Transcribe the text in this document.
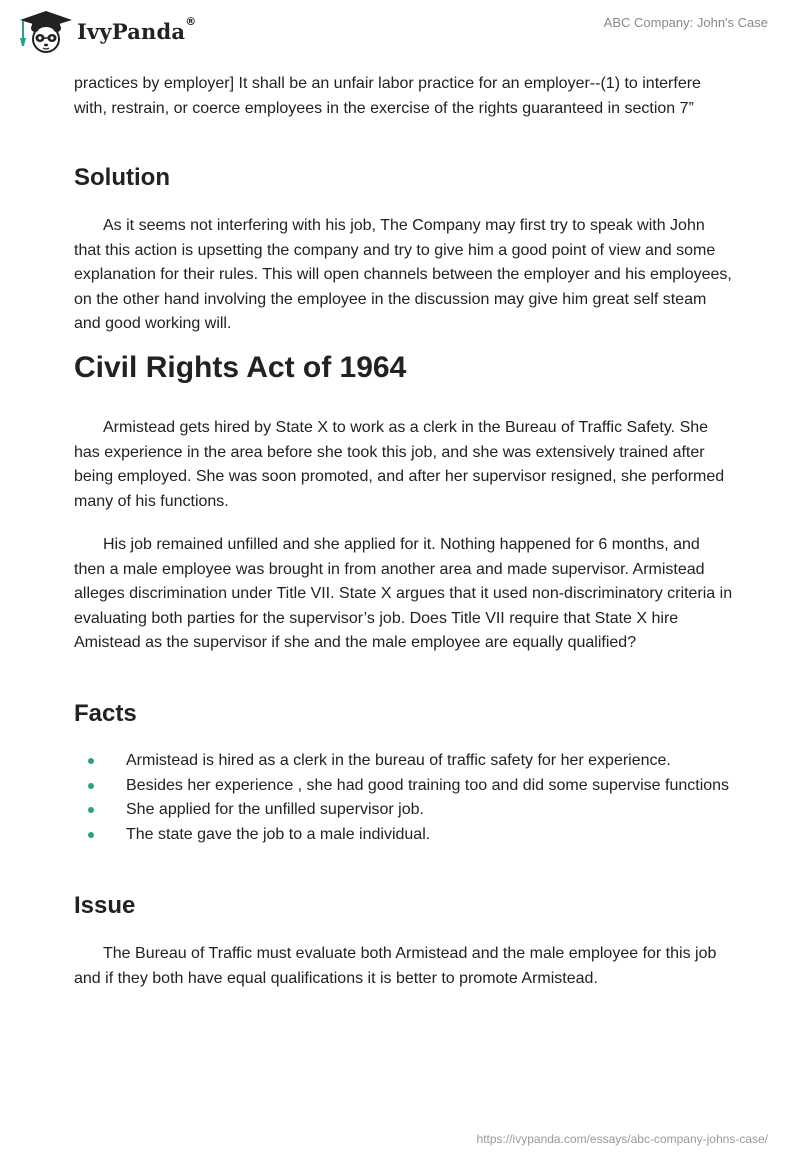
IvyPanda®	ABC Company: John's Case

practices by employer] It shall be an unfair labor practice for an employer--(1) to interfere with, restrain, or coerce employees in the exercise of the rights guaranteed in section 7”

Solution

As it seems not interfering with his job, The Company may first try to speak with John that this action is upsetting the company and try to give him a good point of view and some explanation for their rules. This will open channels between the employer and his employees, on the other hand involving the employee in the discussion may give him great self steam and good working will.

Civil Rights Act of 1964

Armistead gets hired by State X to work as a clerk in the Bureau of Traffic Safety. She has experience in the area before she took this job, and she was extensively trained after being employed. She was soon promoted, and after her supervisor resigned, she performed many of his functions.

His job remained unfilled and she applied for it. Nothing happened for 6 months, and then a male employee was brought in from another area and made supervisor. Armistead alleges discrimination under Title VII. State X argues that it used non-discriminatory criteria in evaluating both parties for the supervisor’s job. Does Title VII require that State X hire Amistead as the supervisor if she and the male employee are equally qualified?

Facts
Armistead is hired as a clerk in the bureau of traffic safety for her experience.
Besides her experience , she had good training too and did some supervise functions
She applied for the unfilled supervisor job.
The state gave the job to a male individual.
Issue

The Bureau of Traffic must evaluate both Armistead and the male employee for this job and if they both have equal qualifications it is better to promote Armistead.

https://ivypanda.com/essays/abc-company-johns-case/
